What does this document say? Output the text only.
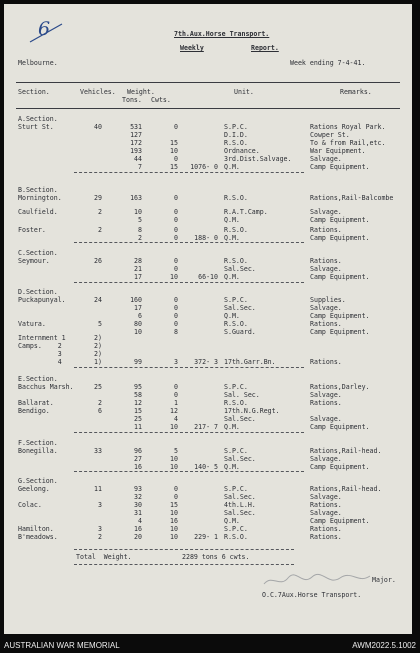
6	7th.Aux.Horse Transport.
Weekly	Report.
Melbourne.	Week ending 7-4-41.
Section.	Vehicles. Weight.
Tons. Cwts.
Unit.	Remarks.
A.Section.
Sturt St.	40	531	0	S.P.C.	Rations Royal Park.
127	D.I.D.	Cowper St.
172	15	R.S.O.	To & from Rail,etc.
193	10	Ordnance.	War Equipment.
44	0	3rd.Dist.Salvage.	Salvage.
7	15	1076- 0 Q.M.	Camp Equipment.
B.Section.
Mornington.	29	163	0	R.S.O.	Rations,Rail-Balcombe
Caulfield.	2	10	0	R.A.T.Camp.	Salvage.
5	0	Q.M.	Camp Equipment.
Foster.	2	8	0	R.S.O.	Rations.
2	0	188- 0 Q.M.	Camp Equipment.
C.Section.
Seymour.	26	28	0	R.S.O.	Rations.
21	0	Sal.Sec.	Salvage.
17	10	66-10 Q.M.	Camp Equipment.
D.Section.
Puckapunyal.	24	160	0	S.P.C.	Supplies.
17	0	Sal.Sec.	Salvage.
6	0	Q.M.	Camp Equipment.
Vatura.	5	80	0	R.S.O.	Rations.
10	8	S.Guard.	Camp Equipment.
Internment 1	2)
Camps.    2	2)
3	2)
4	1)	99	3	372- 3 17th.Garr.Bn.	Rations.
E.Section.
Bacchus Marsh.	25	95	0	S.P.C.	Rations,Darley.
58	0	Sal. Sec.	Salvage.
Ballarat.	2	12	1	R.S.O.	Rations.
Bendigo.	6	15	12	17th.N.G.Regt.
25	4	Sal.Sec.	Salvage.
11	10	217- 7 Q.M.	Camp Equipment.
F.Section.
Bonegilla.	33	96	5	S.P.C.	Rations,Rail-head.
27	10	Sal.Sec.	Salvage.
16	10	140- 5 Q.M.	Camp Equipment.
G.Section.
Geelong.	11	93	0	S.P.C.	Rations,Rail-head.
32	0	Sal.Sec.	Salvage.
Colac.	3	30	15	4th.L.H.	Rations.
31	10	Sal.Sec.	Salvage.
4	16	Q.M.	Camp Equipment.
Hamilton.	3	16	10	S.P.C.	Rations.
B'meadows.	2	20	10	229- 1 R.S.O.	Rations.
Total  Weight.	2289 tons 6 cwts.
Major.
O.C.7Aux.Horse Transport.
AUSTRALIAN WAR MEMORIAL	AWM2022.5.1002
